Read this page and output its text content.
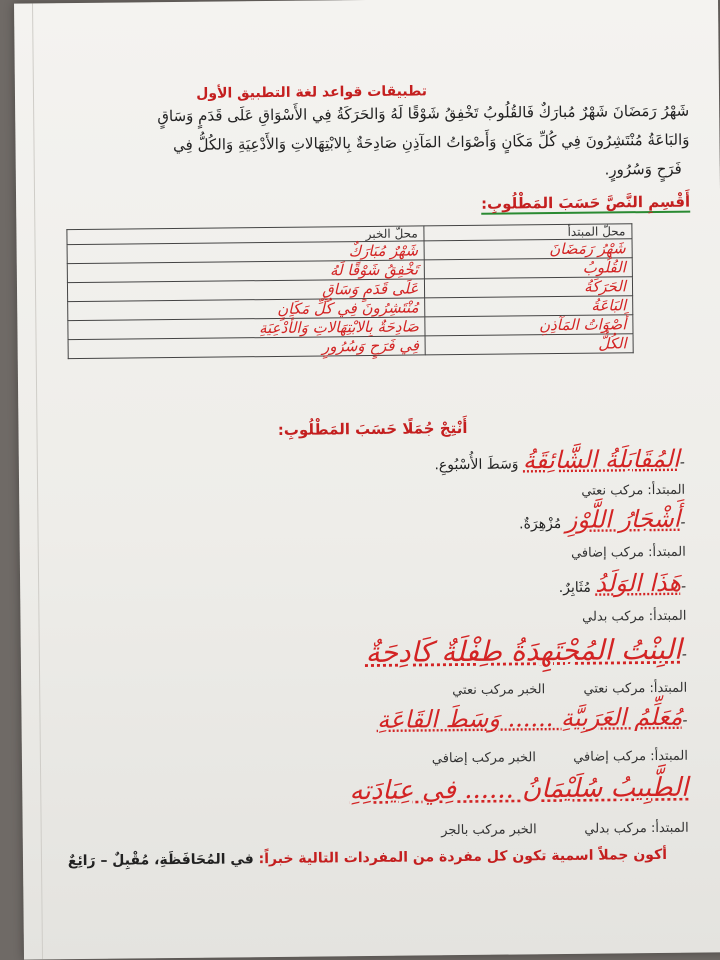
تطبيقات قواعد لغة التطبيق الأول
شَهْرُ رَمَضَانَ شَهْرٌ مُبارَكٌ فَالقُلُوبُ تَخْفِقُ شَوْقًا لَهُ وَالحَرَكَةُ فِي الأَسْوَاقِ عَلَى قَدَمٍ وَسَاقٍ
وَالبَاعَةُ مُنْتَشِرُونَ فِي كُلِّ مَكَانٍ وَأَصْوَاتُ المَآذِنِ صَادِحَةٌ بِالابْتِهَالاتِ وَالأَدْعِيَةِ وَالكُلُّ فِي
فَرَحٍ وَسُرُورٍ.
أَقْسِمِ النَّصَّ حَسَبَ المَطْلُوبِ:
محلّ المبتدأ	محلّ الخبر
شَهْرُ رَمَضَانَ	شَهْرٌ مُبَارَكٌ
القُلُوبُ	تَخْفِقُ شَوْقًا لَهُ
الحَرَكَةُ	عَلَى قَدَمٍ وَسَاقٍ
البَاعَةُ	مُنْتَشِرُونَ فِي كُلِّ مَكَانٍ
أَصْوَاتُ المَآذِنِ	صَادِحَةٌ بِالابْتِهَالاتِ وَالأَدْعِيَةِ
الكُلُّ	فِي فَرَحٍ وَسُرُورٍ
أَنْتِجْ جُمَلًا حَسَبَ المَطْلُوبِ:
-المُقَابَلَةُ الشَّائِقَةُ وَسَطَ الأُسْبُوعِ.
المبتدأ: مركب نعتي
-أَشْجَارُ اللَّوْزِ مُزْهِرَةٌ.
المبتدأ: مركب إضافي
-هَذَا الوَلَدُ مُثَابِرٌ.
المبتدأ: مركب بدلي
-البِنْتُ المُجْتَهِدَةُ طِفْلَةٌ كَادِحَةٌ
المبتدأ: مركب نعتي
الخبر مركب نعتي
-مُعَلِّمُ العَرَبِيَّةِ ...... وَسَطَ القَاعَةِ
المبتدأ: مركب إضافي
الخبر مركب إضافي
الطَّبِيبُ سُلَيْمَانُ ...... فِي عِيَادَتِهِ
المبتدأ: مركب بدلي
الخبر مركب بالجر
أكون جملاً اسمية تكون كل مفردة من المفردات التالية خبراً: في المُحَافَظَةِ، مُقْبِلٌ – رَائِعٌ
